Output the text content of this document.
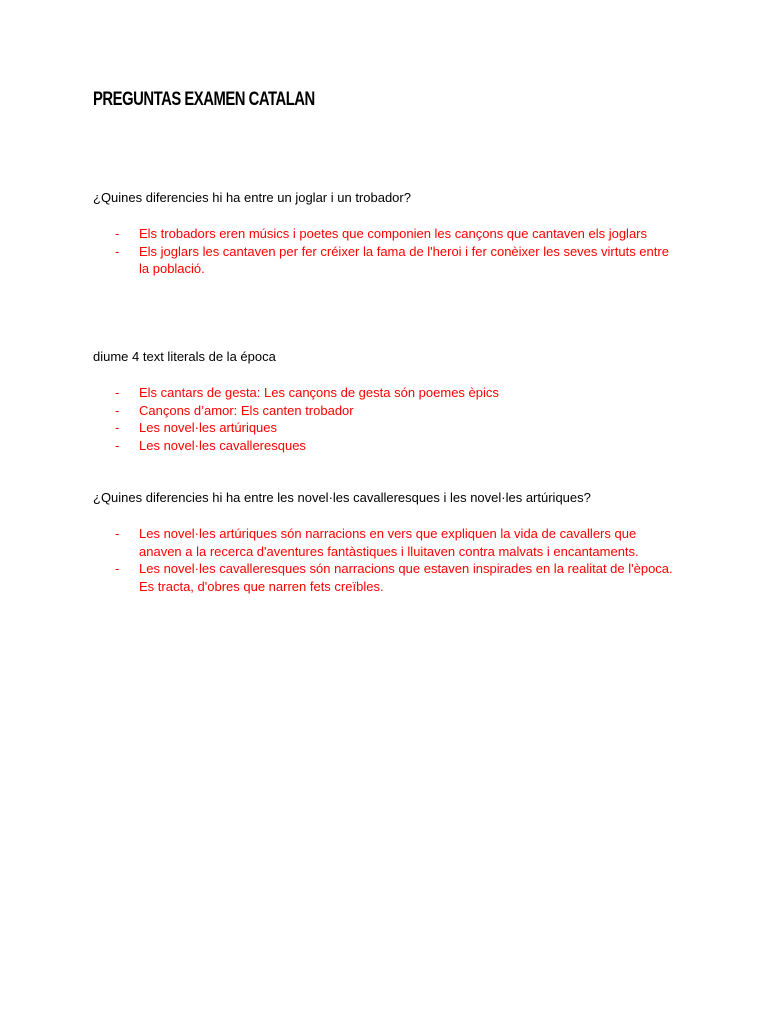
PREGUNTAS EXAMEN CATALAN

¿Quines diferencies hi ha entre un joglar i un trobador?

- Els trobadors eren músics i poetes que componien les cançons que cantaven els joglars
- Els joglars les cantaven per fer créixer la fama de l'heroi i fer conèixer les seves virtuts entre la població.

diume 4 text literals de la época

- Els cantars de gesta: Les cançons de gesta són poemes èpics
- Cançons d’amor: Els canten trobador
- Les novel·les artúriques
- Les novel·les cavalleresques

¿Quines diferencies hi ha entre les novel·les cavalleresques i les novel·les artúriques?

- Les novel·les artúriques són narracions en vers que expliquen la vida de cavallers que anaven a la recerca d'aventures fantàstiques i lluitaven contra malvats i encantaments.
- Les novel·les cavalleresques són narracions que estaven inspirades en la realitat de l'època. Es tracta, d'obres que narren fets creïbles.
